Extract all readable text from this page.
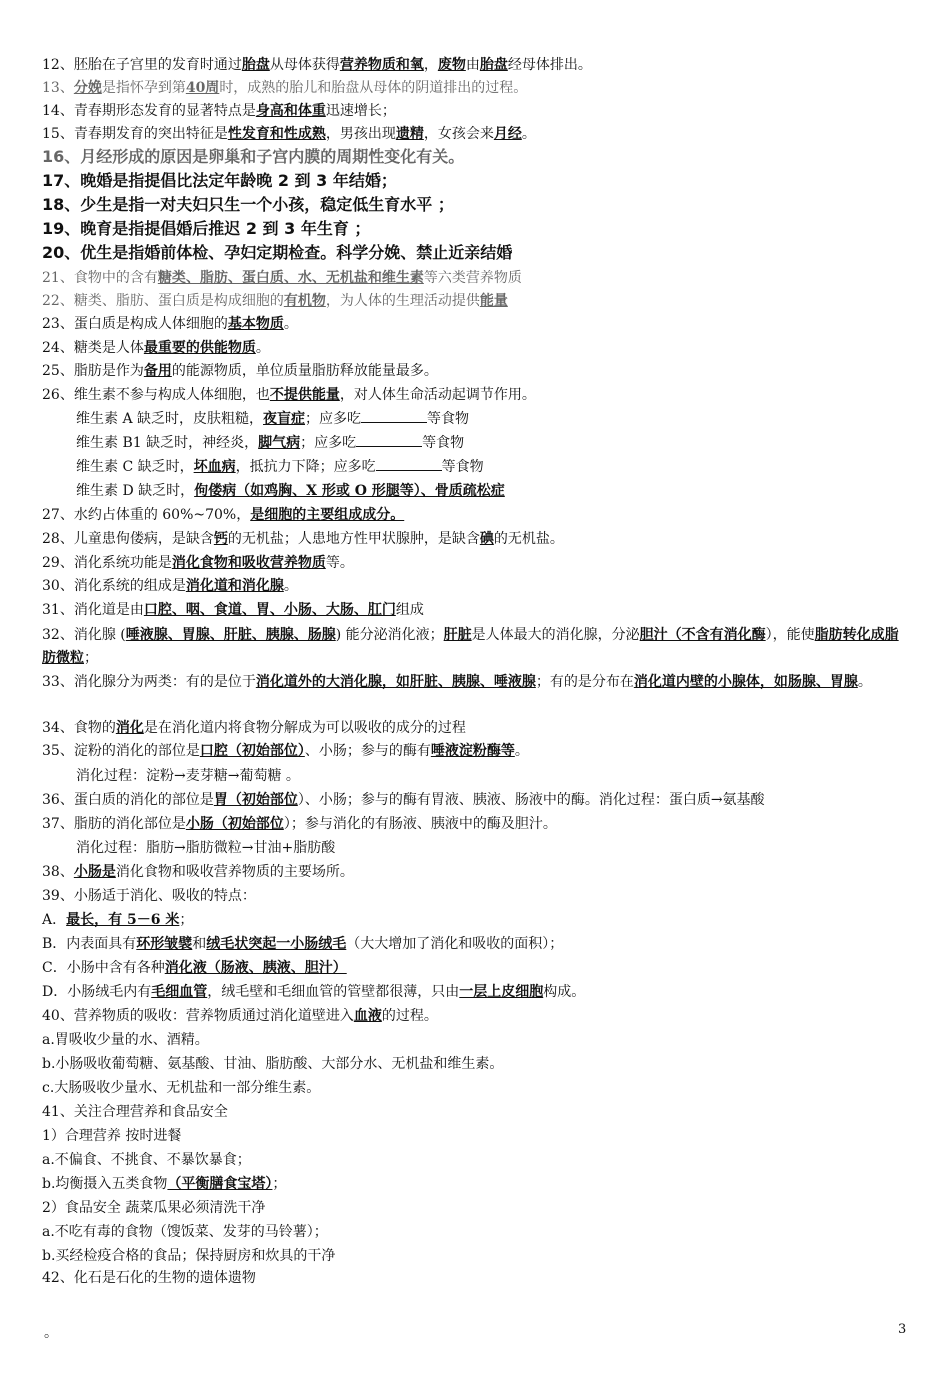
12、胚胎在子宫里的发育时通过胎盘从母体获得营养物质和氧，废物由胎盘经母体排出。
13、分娩是指怀孕到第40周时，成熟的胎儿和胎盘从母体的阴道排出的过程。
14、青春期形态发育的显著特点是身高和体重迅速增长；
15、青春期发育的突出特征是性发育和性成熟，男孩出现遗精，女孩会来月经。
16、月经形成的原因是卵巢和子宫内膜的周期性变化有关。
17、晚婚是指提倡比法定年龄晚 2 到 3 年结婚；
18、少生是指一对夫妇只生一个小孩，稳定低生育水平 ；
19、晚育是指提倡婚后推迟 2 到 3 年生育 ；
20、优生是指婚前体检、孕妇定期检查。科学分娩、禁止近亲结婚
21、食物中的含有糖类、脂肪、蛋白质、水、无机盐和维生素等六类营养物质
22、糖类、脂肪、蛋白质是构成细胞的有机物，为人体的生理活动提供能量
23、蛋白质是构成人体细胞的基本物质。
24、糖类是人体最重要的供能物质。
25、脂肪是作为备用的能源物质，单位质量脂肪释放能量最多。
26、维生素不参与构成人体细胞，也不提供能量，对人体生命活动起调节作用。
维生素 A 缺乏时，皮肤粗糙，夜盲症；应多吃	等食物
维生素 B1 缺乏时，神经炎，脚气病；应多吃	等食物
维生素 C 缺乏时，坏血病，抵抗力下降；应多吃	等食物
维生素 D 缺乏时，佝偻病（如鸡胸、X 形或 O 形腿等）、骨质疏松症
27、水约占体重的 60%~70%，是细胞的主要组成成分。
28、儿童患佝偻病，是缺含钙的无机盐；人患地方性甲状腺肿，是缺含碘的无机盐。
29、消化系统功能是消化食物和吸收营养物质等。
30、消化系统的组成是消化道和消化腺。
31、消化道是由口腔、咽、食道、胃、小肠、大肠、肛门组成
32、消化腺 (唾液腺、胃腺、肝脏、胰腺、肠腺) 能分泌消化液；肝脏是人体最大的消化腺，分泌胆汁（不含有消化酶），能使脂肪转化成脂肪微粒；
33、消化腺分为两类：有的是位于消化道外的大消化腺，如肝脏、胰腺、唾液腺；有的是分布在消化道内壁的小腺体，如肠腺、胃腺。
34、食物的消化是在消化道内将食物分解成为可以吸收的成分的过程
35、淀粉的消化的部位是口腔（初始部位）、小肠；参与的酶有唾液淀粉酶等。
消化过程：淀粉→麦芽糖→葡萄糖 。
36、蛋白质的消化的部位是胃（初始部位）、小肠；参与的酶有胃液、胰液、肠液中的酶。消化过程：蛋白质→氨基酸
37、脂肪的消化部位是小肠（初始部位）；参与消化的有肠液、胰液中的酶及胆汁。
消化过程：脂肪→脂肪微粒→甘油+脂肪酸
38、小肠是消化食物和吸收营养物质的主要场所。
39、小肠适于消化、吸收的特点：
A．最长，有 5－6 米；
B．内表面具有环形皱襞和绒毛状突起一小肠绒毛（大大增加了消化和吸收的面积）；
C．小肠中含有各种消化液（肠液、胰液、胆汁）
D．小肠绒毛内有毛细血管，绒毛壁和毛细血管的管壁都很薄，只由一层上皮细胞构成。
40、营养物质的吸收：营养物质通过消化道壁进入血液的过程。
a.胃吸收少量的水、酒精。
b.小肠吸收葡萄糖、氨基酸、甘油、脂肪酸、大部分水、无机盐和维生素。
c.大肠吸收少量水、无机盐和一部分维生素。
41、关注合理营养和食品安全
1）合理营养 按时进餐
a.不偏食、不挑食、不暴饮暴食；
b.均衡摄入五类食物（平衡膳食宝塔）；
2）食品安全 蔬菜瓜果必须清洗干净
a.不吃有毒的食物（馊饭菜、发芽的马铃薯）；
b.买经检疫合格的食品；保持厨房和炊具的干净
42、化石是石化的生物的遗体遗物
。	3
